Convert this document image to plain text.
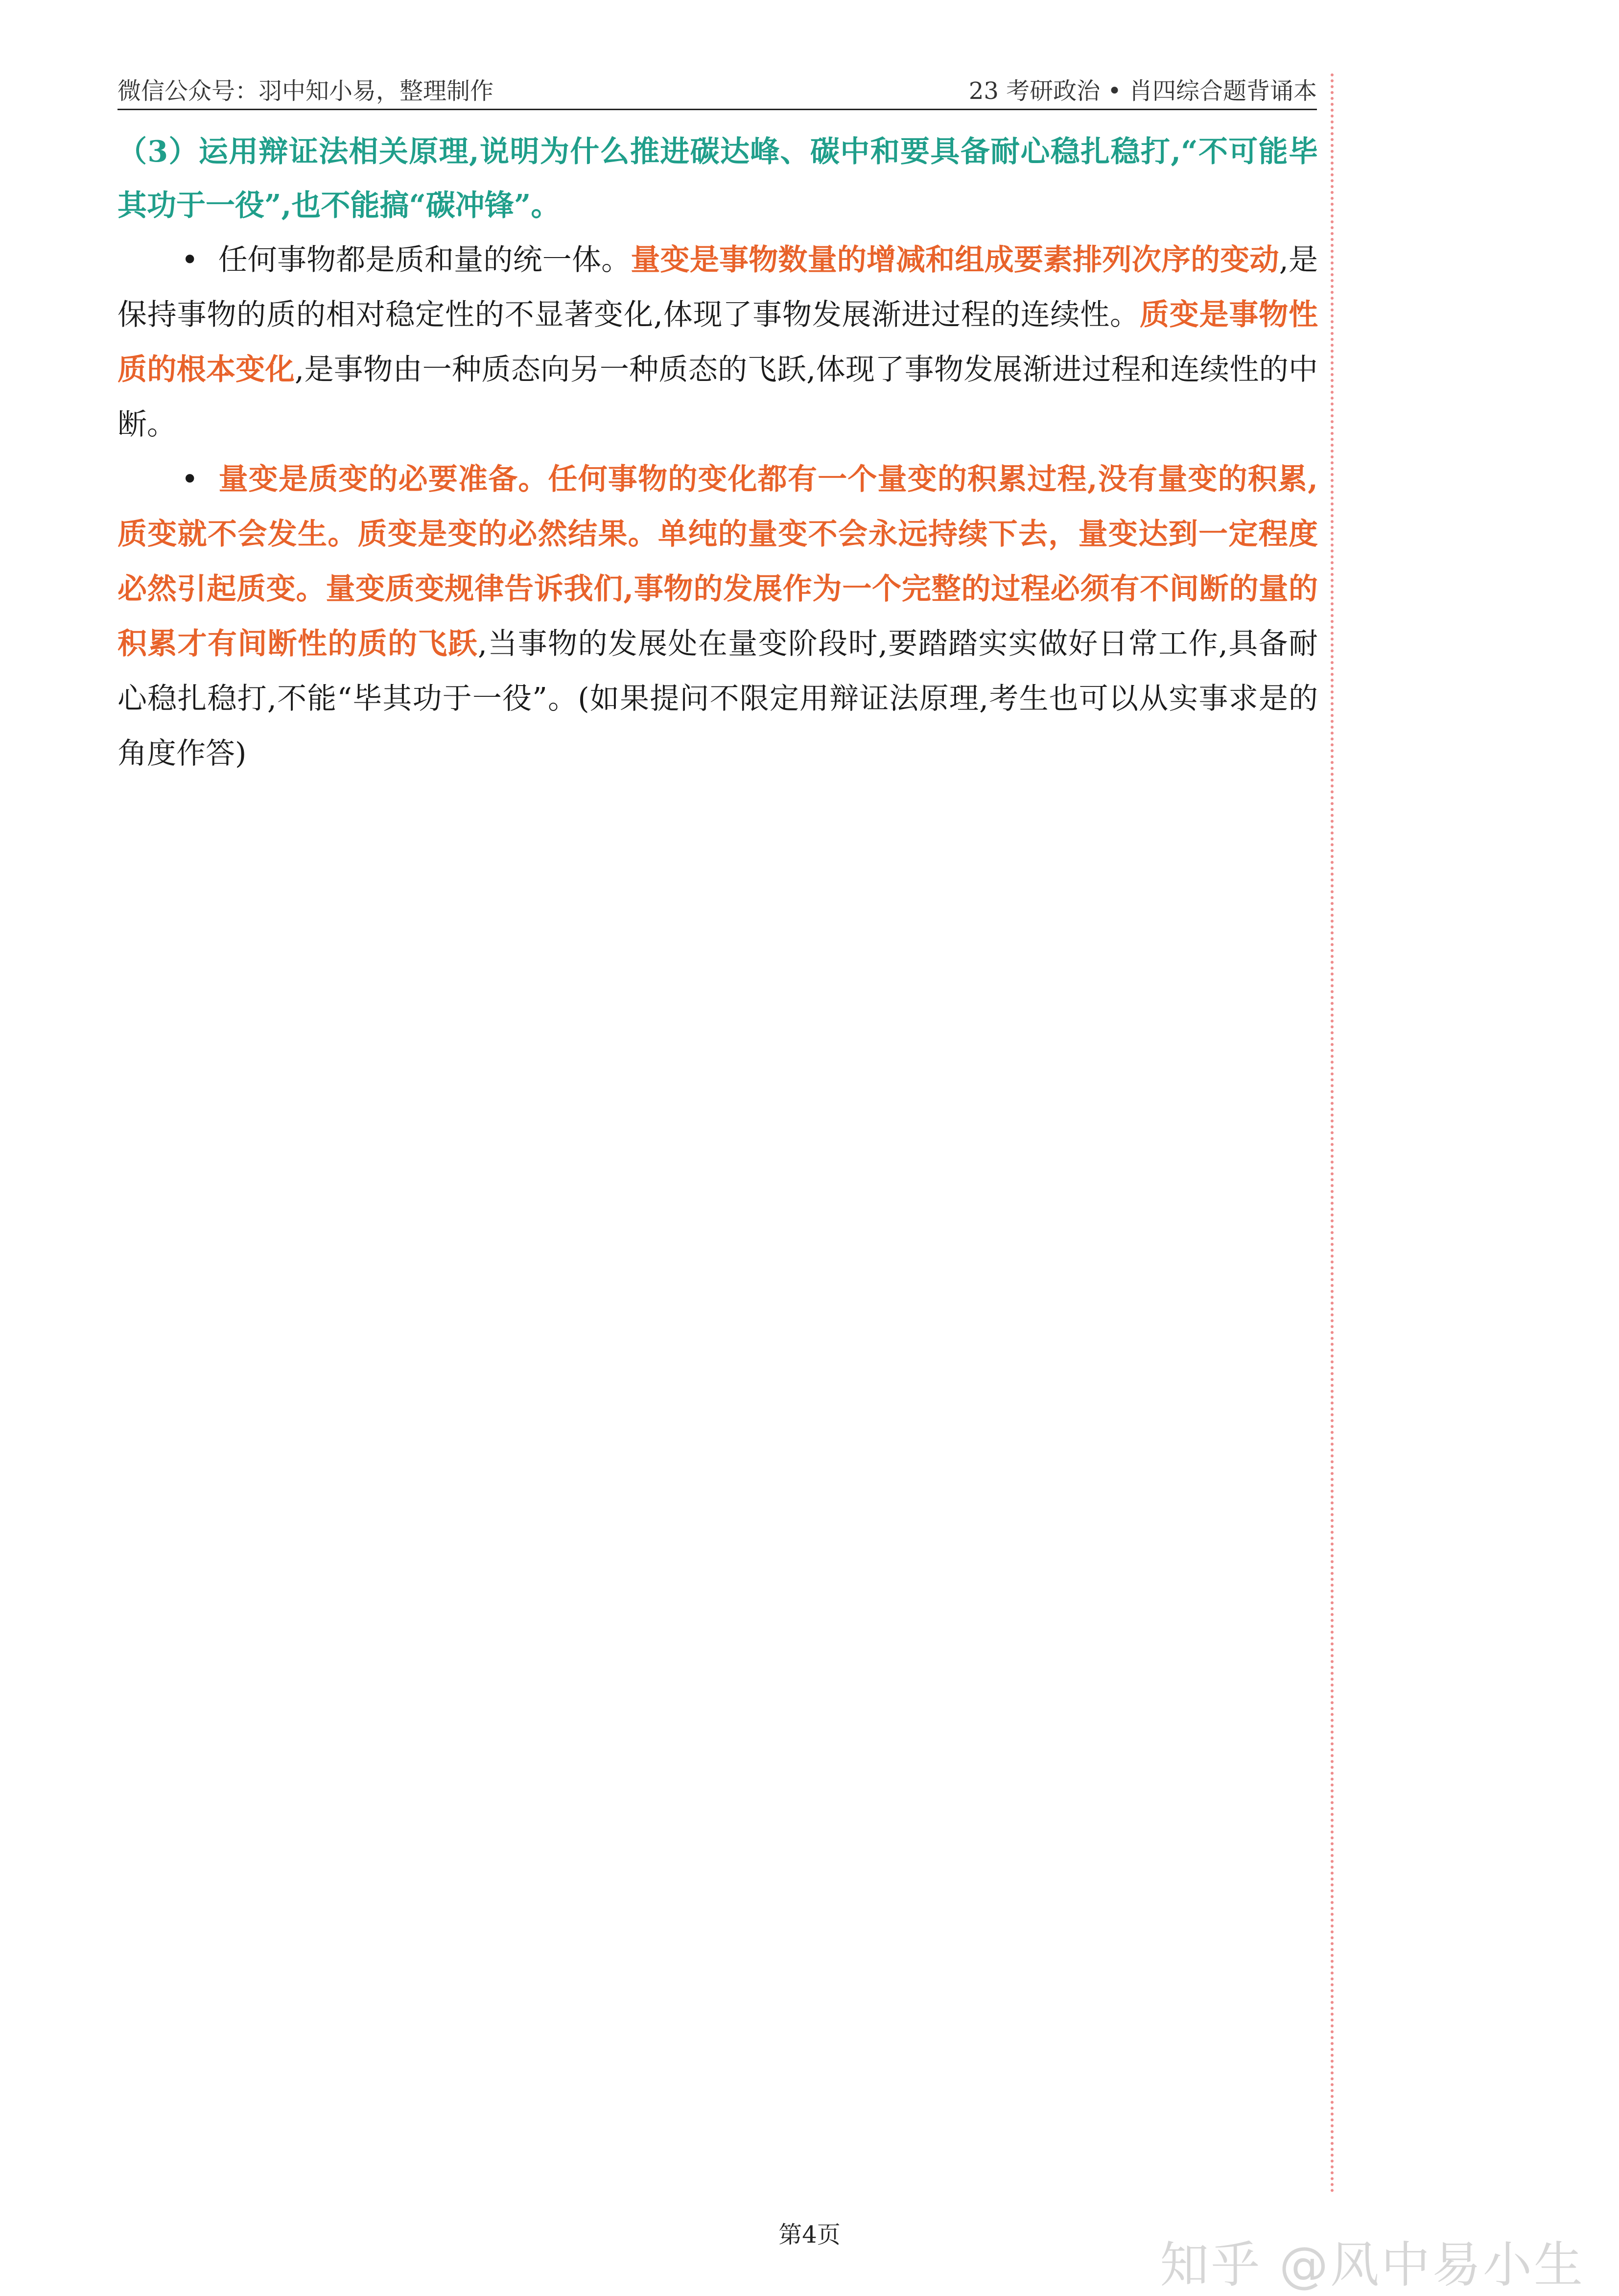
微信公众号：羽中知小易，整理制作	23 考研政治 • 肖四综合题背诵本

（3）运用辩证法相关原理,说明为什么推进碳达峰、碳中和要具备耐心稳扎稳打,“不可能毕其功于一役”,也不能搞“碳冲锋”。

• 任何事物都是质和量的统一体。量变是事物数量的增减和组成要素排列次序的变动,是保持事物的质的相对稳定性的不显著变化,体现了事物发展渐进过程的连续性。质变是事物性质的根本变化,是事物由一种质态向另一种质态的飞跃,体现了事物发展渐进过程和连续性的中断。

• 量变是质变的必要准备。任何事物的变化都有一个量变的积累过程,没有量变的积累,质变就不会发生。质变是变的必然结果。单纯的量变不会永远持续下去，量变达到一定程度必然引起质变。量变质变规律告诉我们,事物的发展作为一个完整的过程必须有不间断的量的积累才有间断性的质的飞跃,当事物的发展处在量变阶段时,要踏踏实实做好日常工作,具备耐心稳扎稳打,不能“毕其功于一役”。(如果提问不限定用辩证法原理,考生也可以从实事求是的角度作答)

第4页
知乎 @风中易小生
